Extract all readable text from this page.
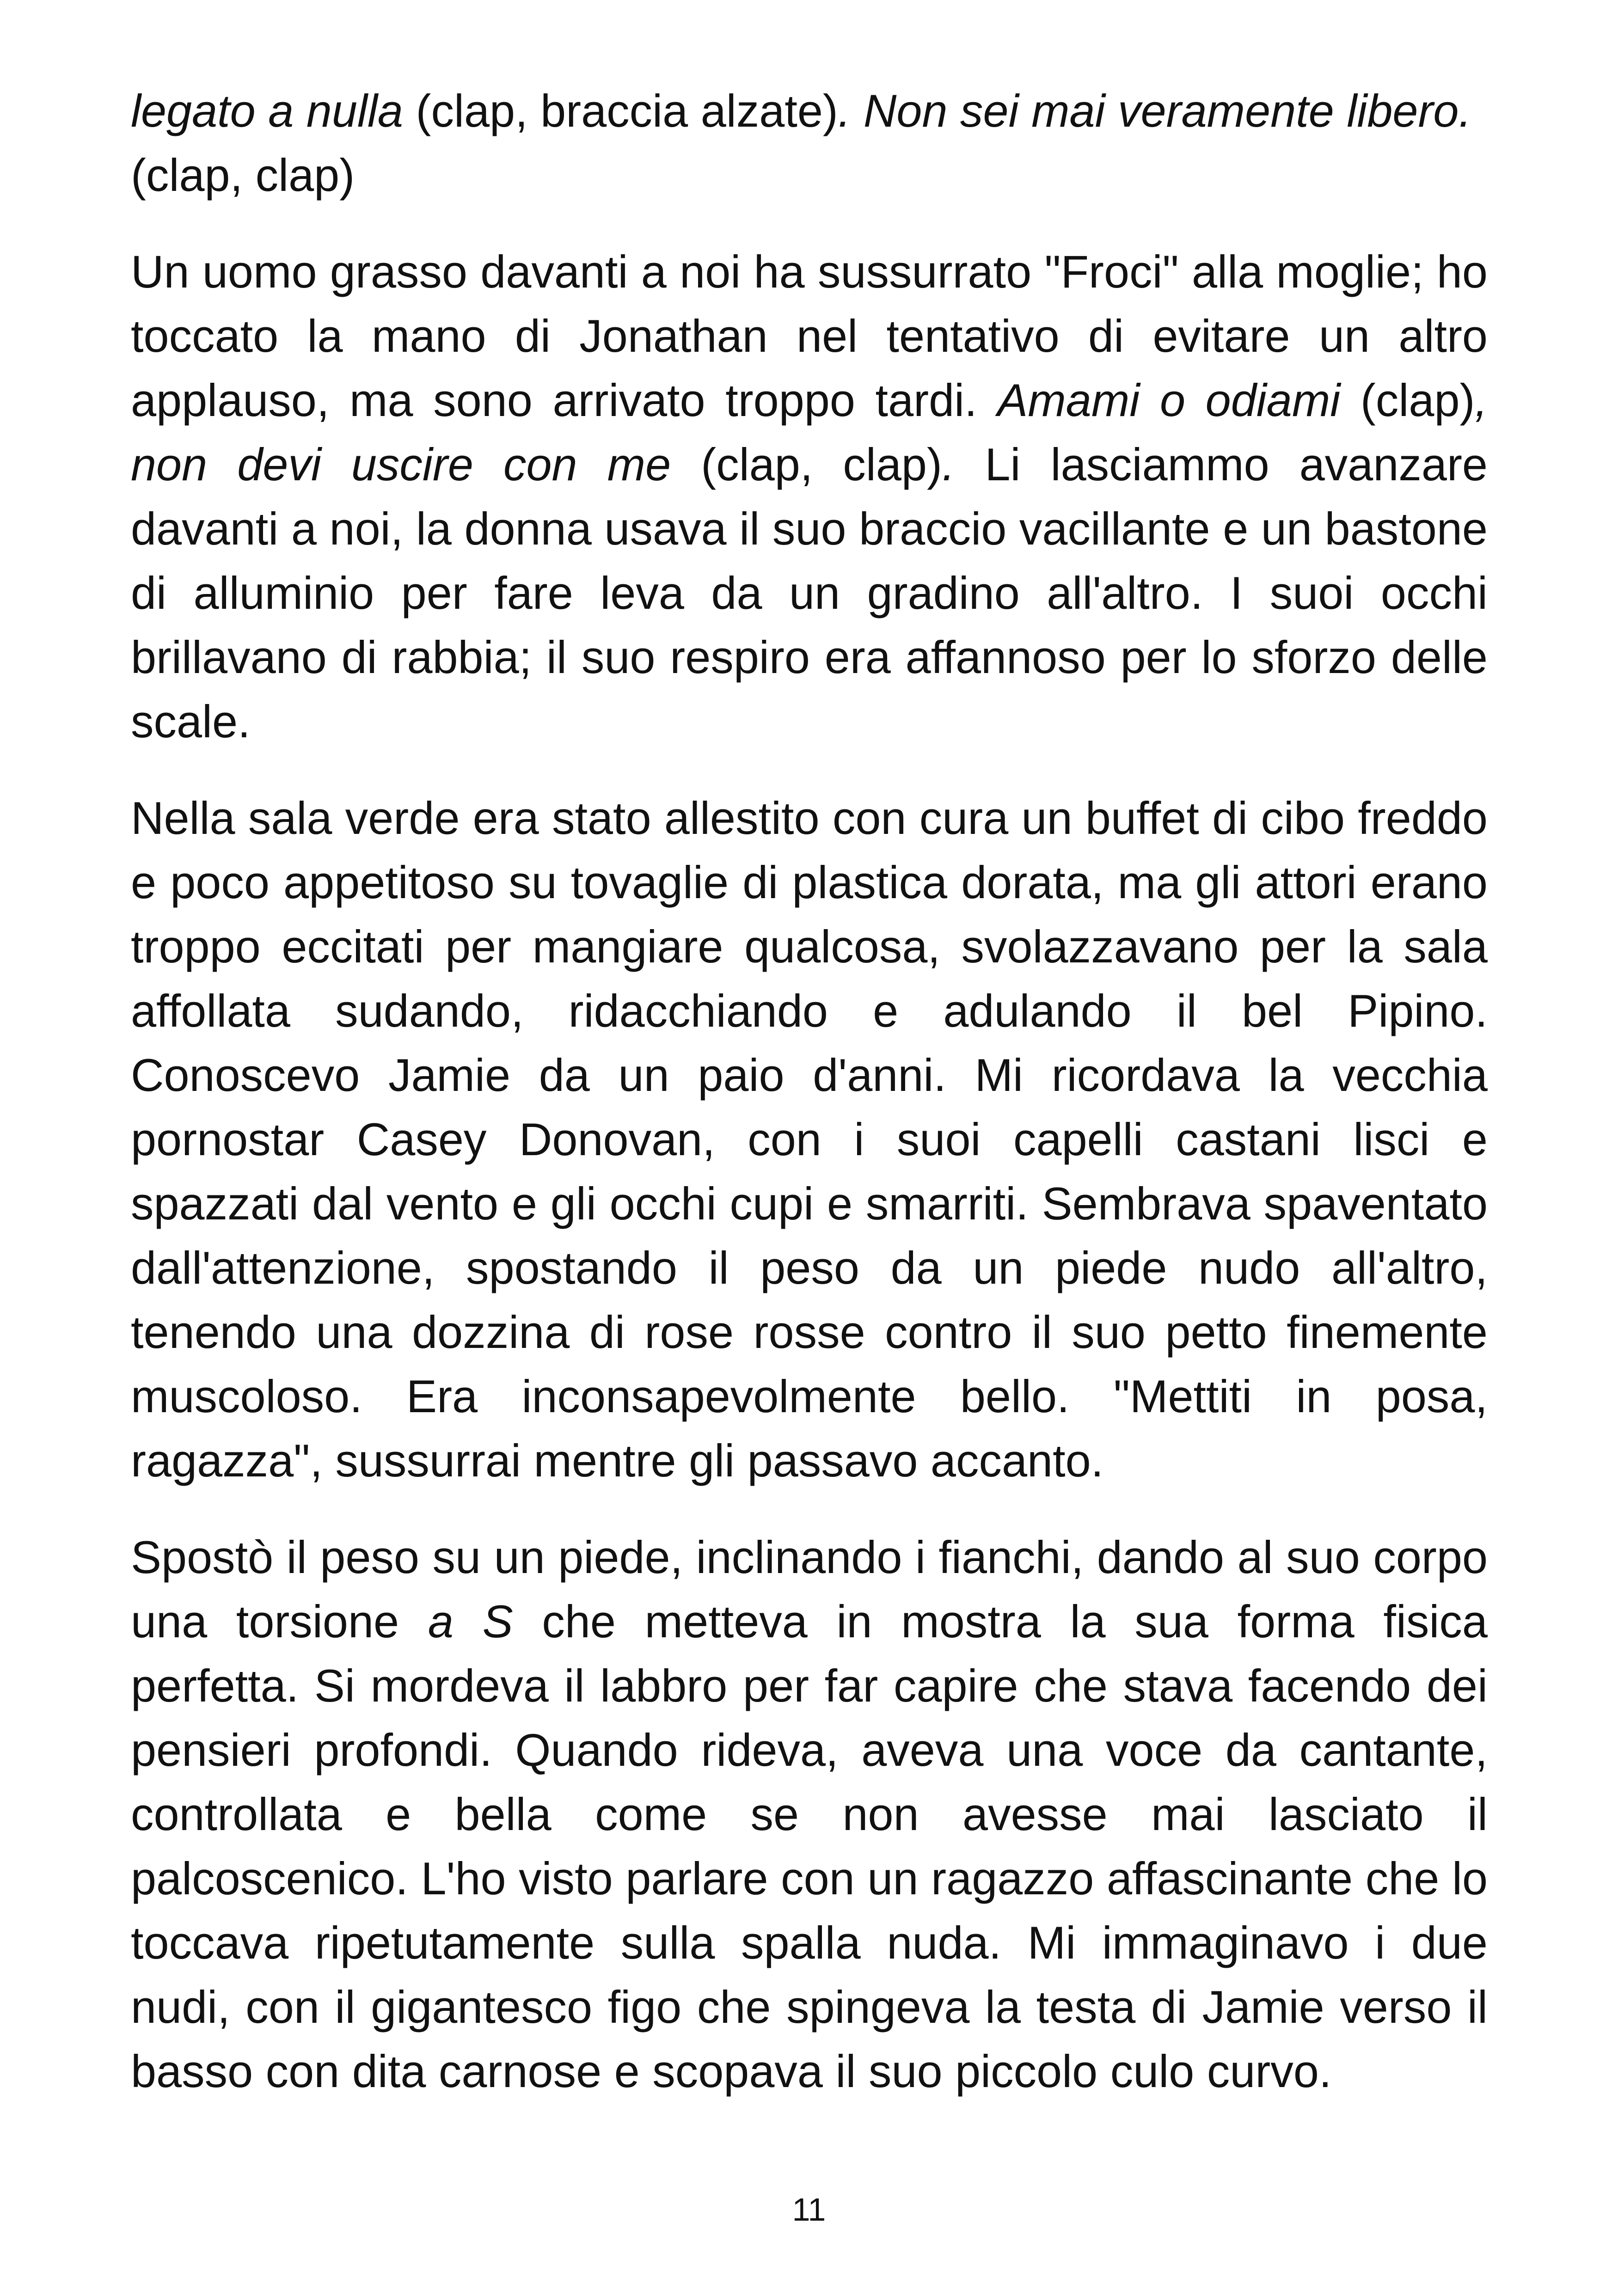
legato a nulla (clap, braccia alzate). Non sei mai veramente libero.
(clap, clap)

Un uomo grasso davanti a noi ha sussurrato "Froci" alla moglie; ho toccato la mano di Jonathan nel tentativo di evitare un altro applauso, ma sono arrivato troppo tardi. Amami o odiami (clap), non devi uscire con me (clap, clap). Li lasciammo avanzare davanti a noi, la donna usava il suo braccio vacillante e un bastone di alluminio per fare leva da un gradino all'altro. I suoi occhi brillavano di rabbia; il suo respiro era affannoso per lo sforzo delle scale.

Nella sala verde era stato allestito con cura un buffet di cibo freddo e poco appetitoso su tovaglie di plastica dorata, ma gli attori erano troppo eccitati per mangiare qualcosa, svolazzavano per la sala affollata sudando, ridacchiando e adulando il bel Pipino. Conoscevo Jamie da un paio d'anni. Mi ricordava la vecchia pornostar Casey Donovan, con i suoi capelli castani lisci e spazzati dal vento e gli occhi cupi e smarriti. Sembrava spaventato dall'attenzione, spostando il peso da un piede nudo all'altro, tenendo una dozzina di rose rosse contro il suo petto finemente muscoloso. Era inconsapevolmente bello. "Mettiti in posa, ragazza", sussurrai mentre gli passavo accanto.

Spostò il peso su un piede, inclinando i fianchi, dando al suo corpo una torsione a S che metteva in mostra la sua forma fisica perfetta. Si mordeva il labbro per far capire che stava facendo dei pensieri profondi. Quando rideva, aveva una voce da cantante, controllata e bella come se non avesse mai lasciato il palcoscenico. L'ho visto parlare con un ragazzo affascinante che lo toccava ripetutamente sulla spalla nuda. Mi immaginavo i due nudi, con il gigantesco figo che spingeva la testa di Jamie verso il basso con dita carnose e scopava il suo piccolo culo curvo.

11
